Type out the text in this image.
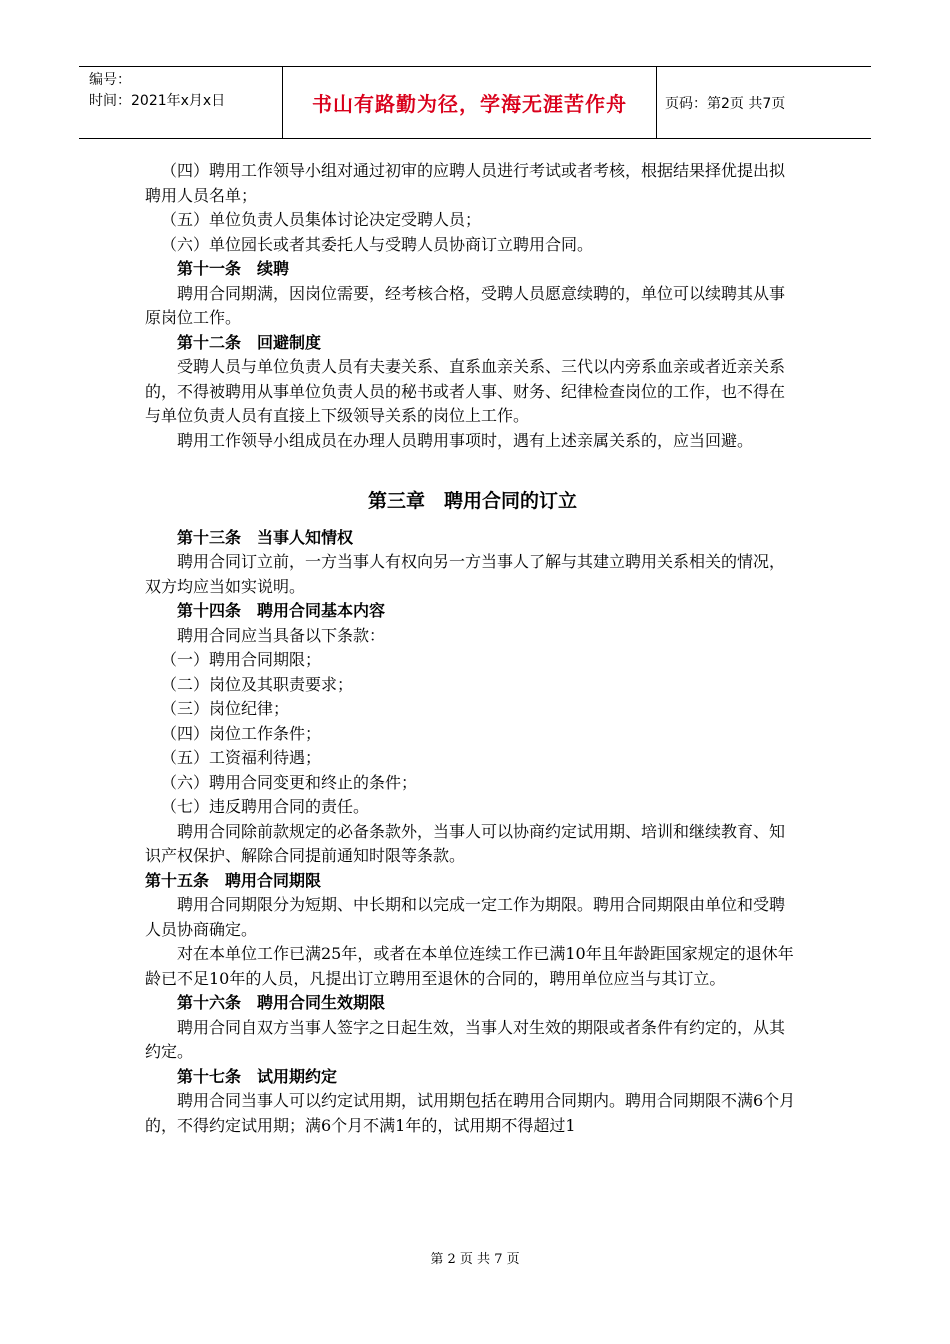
编号：
时间：2021年x月x日	书山有路勤为径，学海无涯苦作舟	页码：第2页 共7页

（四）聘用工作领导小组对通过初审的应聘人员进行考试或者考核，根据结果择优提出拟聘用人员名单；

（五）单位负责人员集体讨论决定受聘人员；

（六）单位园长或者其委托人与受聘人员协商订立聘用合同。

第十一条　续聘

聘用合同期满，因岗位需要，经考核合格，受聘人员愿意续聘的，单位可以续聘其从事原岗位工作。

第十二条　回避制度

受聘人员与单位负责人员有夫妻关系、直系血亲关系、三代以内旁系血亲或者近亲关系的，不得被聘用从事单位负责人员的秘书或者人事、财务、纪律检查岗位的工作，也不得在与单位负责人员有直接上下级领导关系的岗位上工作。

聘用工作领导小组成员在办理人员聘用事项时，遇有上述亲属关系的，应当回避。

第三章　聘用合同的订立

第十三条　当事人知情权

聘用合同订立前，一方当事人有权向另一方当事人了解与其建立聘用关系相关的情况，双方均应当如实说明。

第十四条　聘用合同基本内容

聘用合同应当具备以下条款：

（一）聘用合同期限；

（二）岗位及其职责要求；

（三）岗位纪律；

（四）岗位工作条件；

（五）工资福利待遇；

（六）聘用合同变更和终止的条件；

（七）违反聘用合同的责任。

聘用合同除前款规定的必备条款外，当事人可以协商约定试用期、培训和继续教育、知识产权保护、解除合同提前通知时限等条款。

第十五条　聘用合同期限

聘用合同期限分为短期、中长期和以完成一定工作为期限。聘用合同期限由单位和受聘人员协商确定。

对在本单位工作已满25年，或者在本单位连续工作已满10年且年龄距国家规定的退休年龄已不足10年的人员，凡提出订立聘用至退休的合同的，聘用单位应当与其订立。

第十六条　聘用合同生效期限

聘用合同自双方当事人签字之日起生效，当事人对生效的期限或者条件有约定的，从其约定。

第十七条　试用期约定

聘用合同当事人可以约定试用期，试用期包括在聘用合同期内。聘用合同期限不满6个月的，不得约定试用期；满6个月不满1年的，试用期不得超过1

第 2 页 共 7 页
